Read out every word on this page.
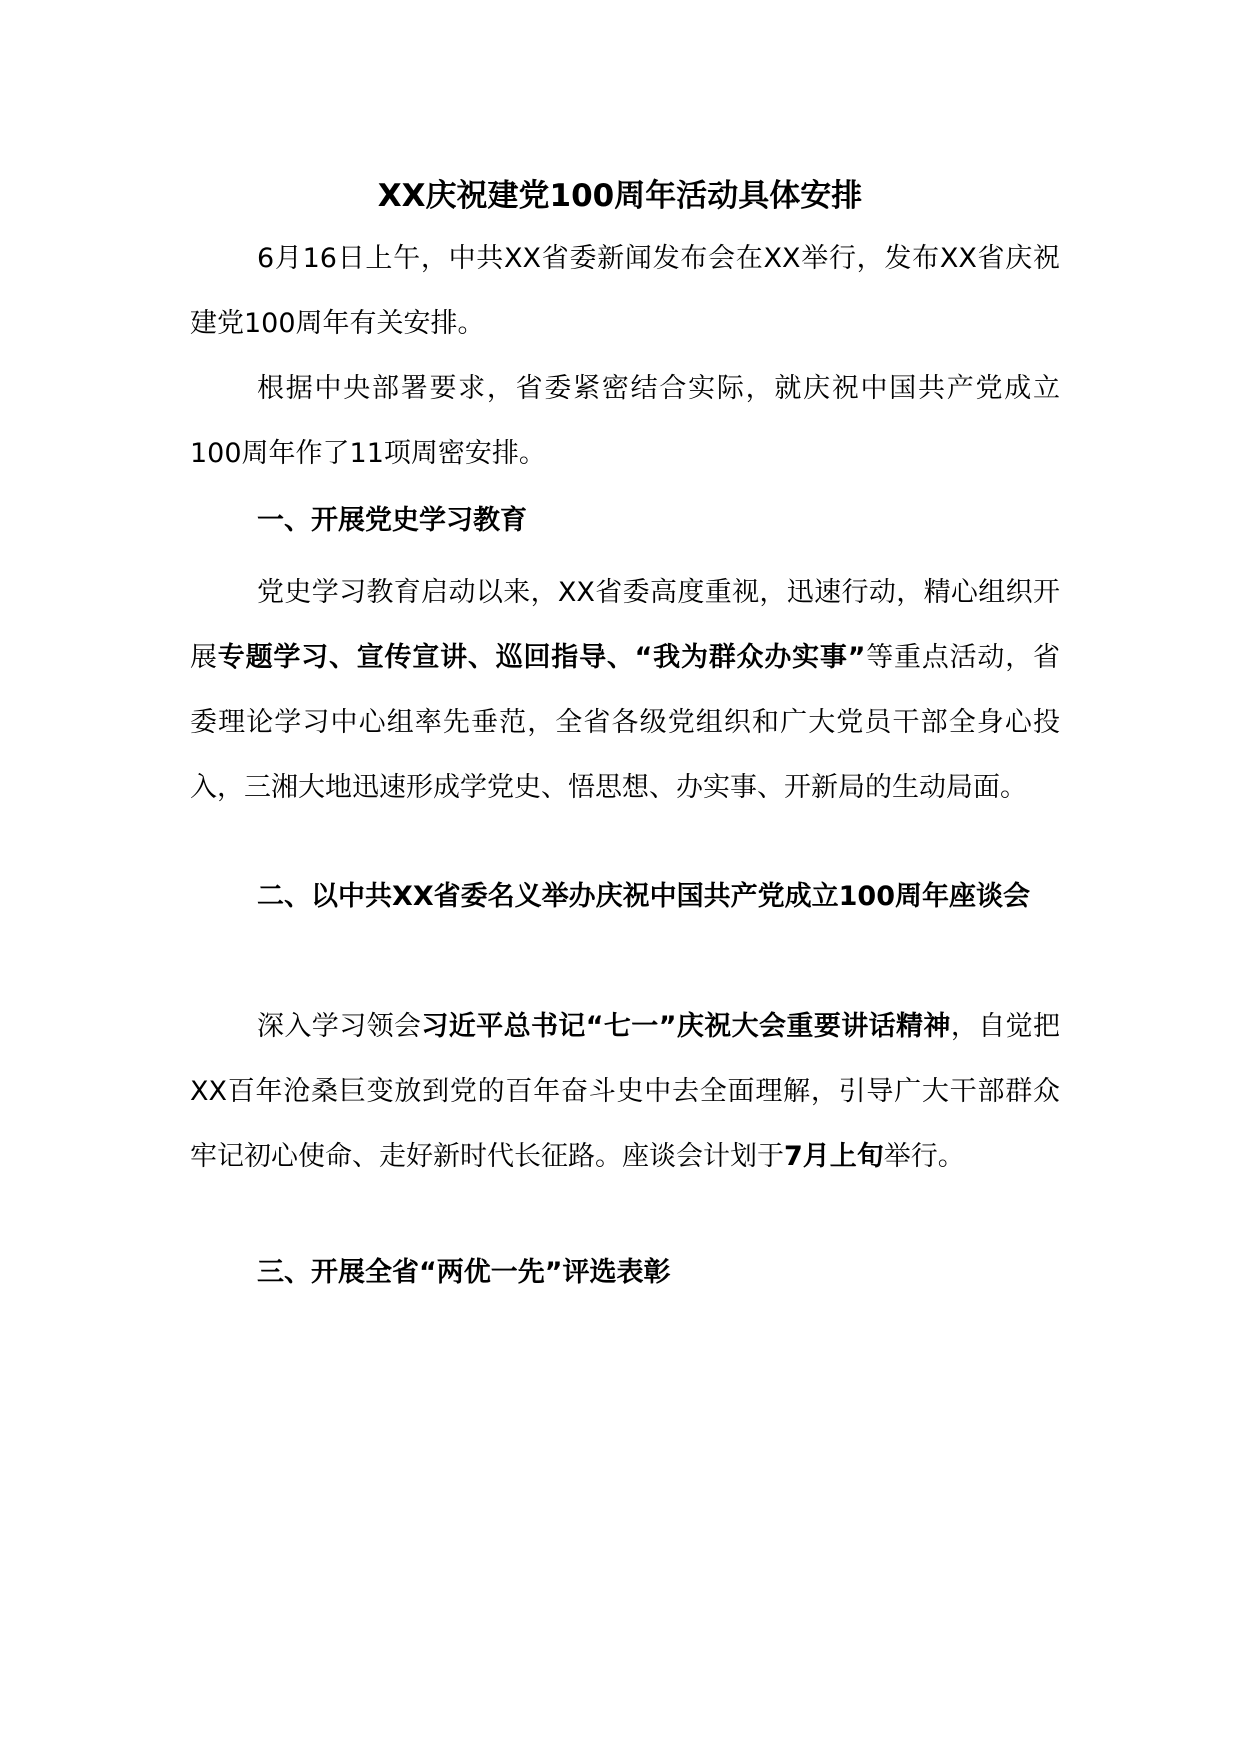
XX庆祝建党100周年活动具体安排

6月16日上午，中共XX省委新闻发布会在XX举行，发布XX省庆祝建党100周年有关安排。

根据中央部署要求，省委紧密结合实际，就庆祝中国共产党成立100周年作了11项周密安排。

一、开展党史学习教育

党史学习教育启动以来，XX省委高度重视，迅速行动，精心组织开展专题学习、宣传宣讲、巡回指导、“我为群众办实事”等重点活动，省委理论学习中心组率先垂范，全省各级党组织和广大党员干部全身心投入，三湘大地迅速形成学党史、悟思想、办实事、开新局的生动局面。

二、以中共XX省委名义举办庆祝中国共产党成立100周年座谈会

深入学习领会习近平总书记“七一”庆祝大会重要讲话精神，自觉把XX百年沧桑巨变放到党的百年奋斗史中去全面理解，引导广大干部群众牢记初心使命、走好新时代长征路。座谈会计划于7月上旬举行。

三、开展全省“两优一先”评选表彰
